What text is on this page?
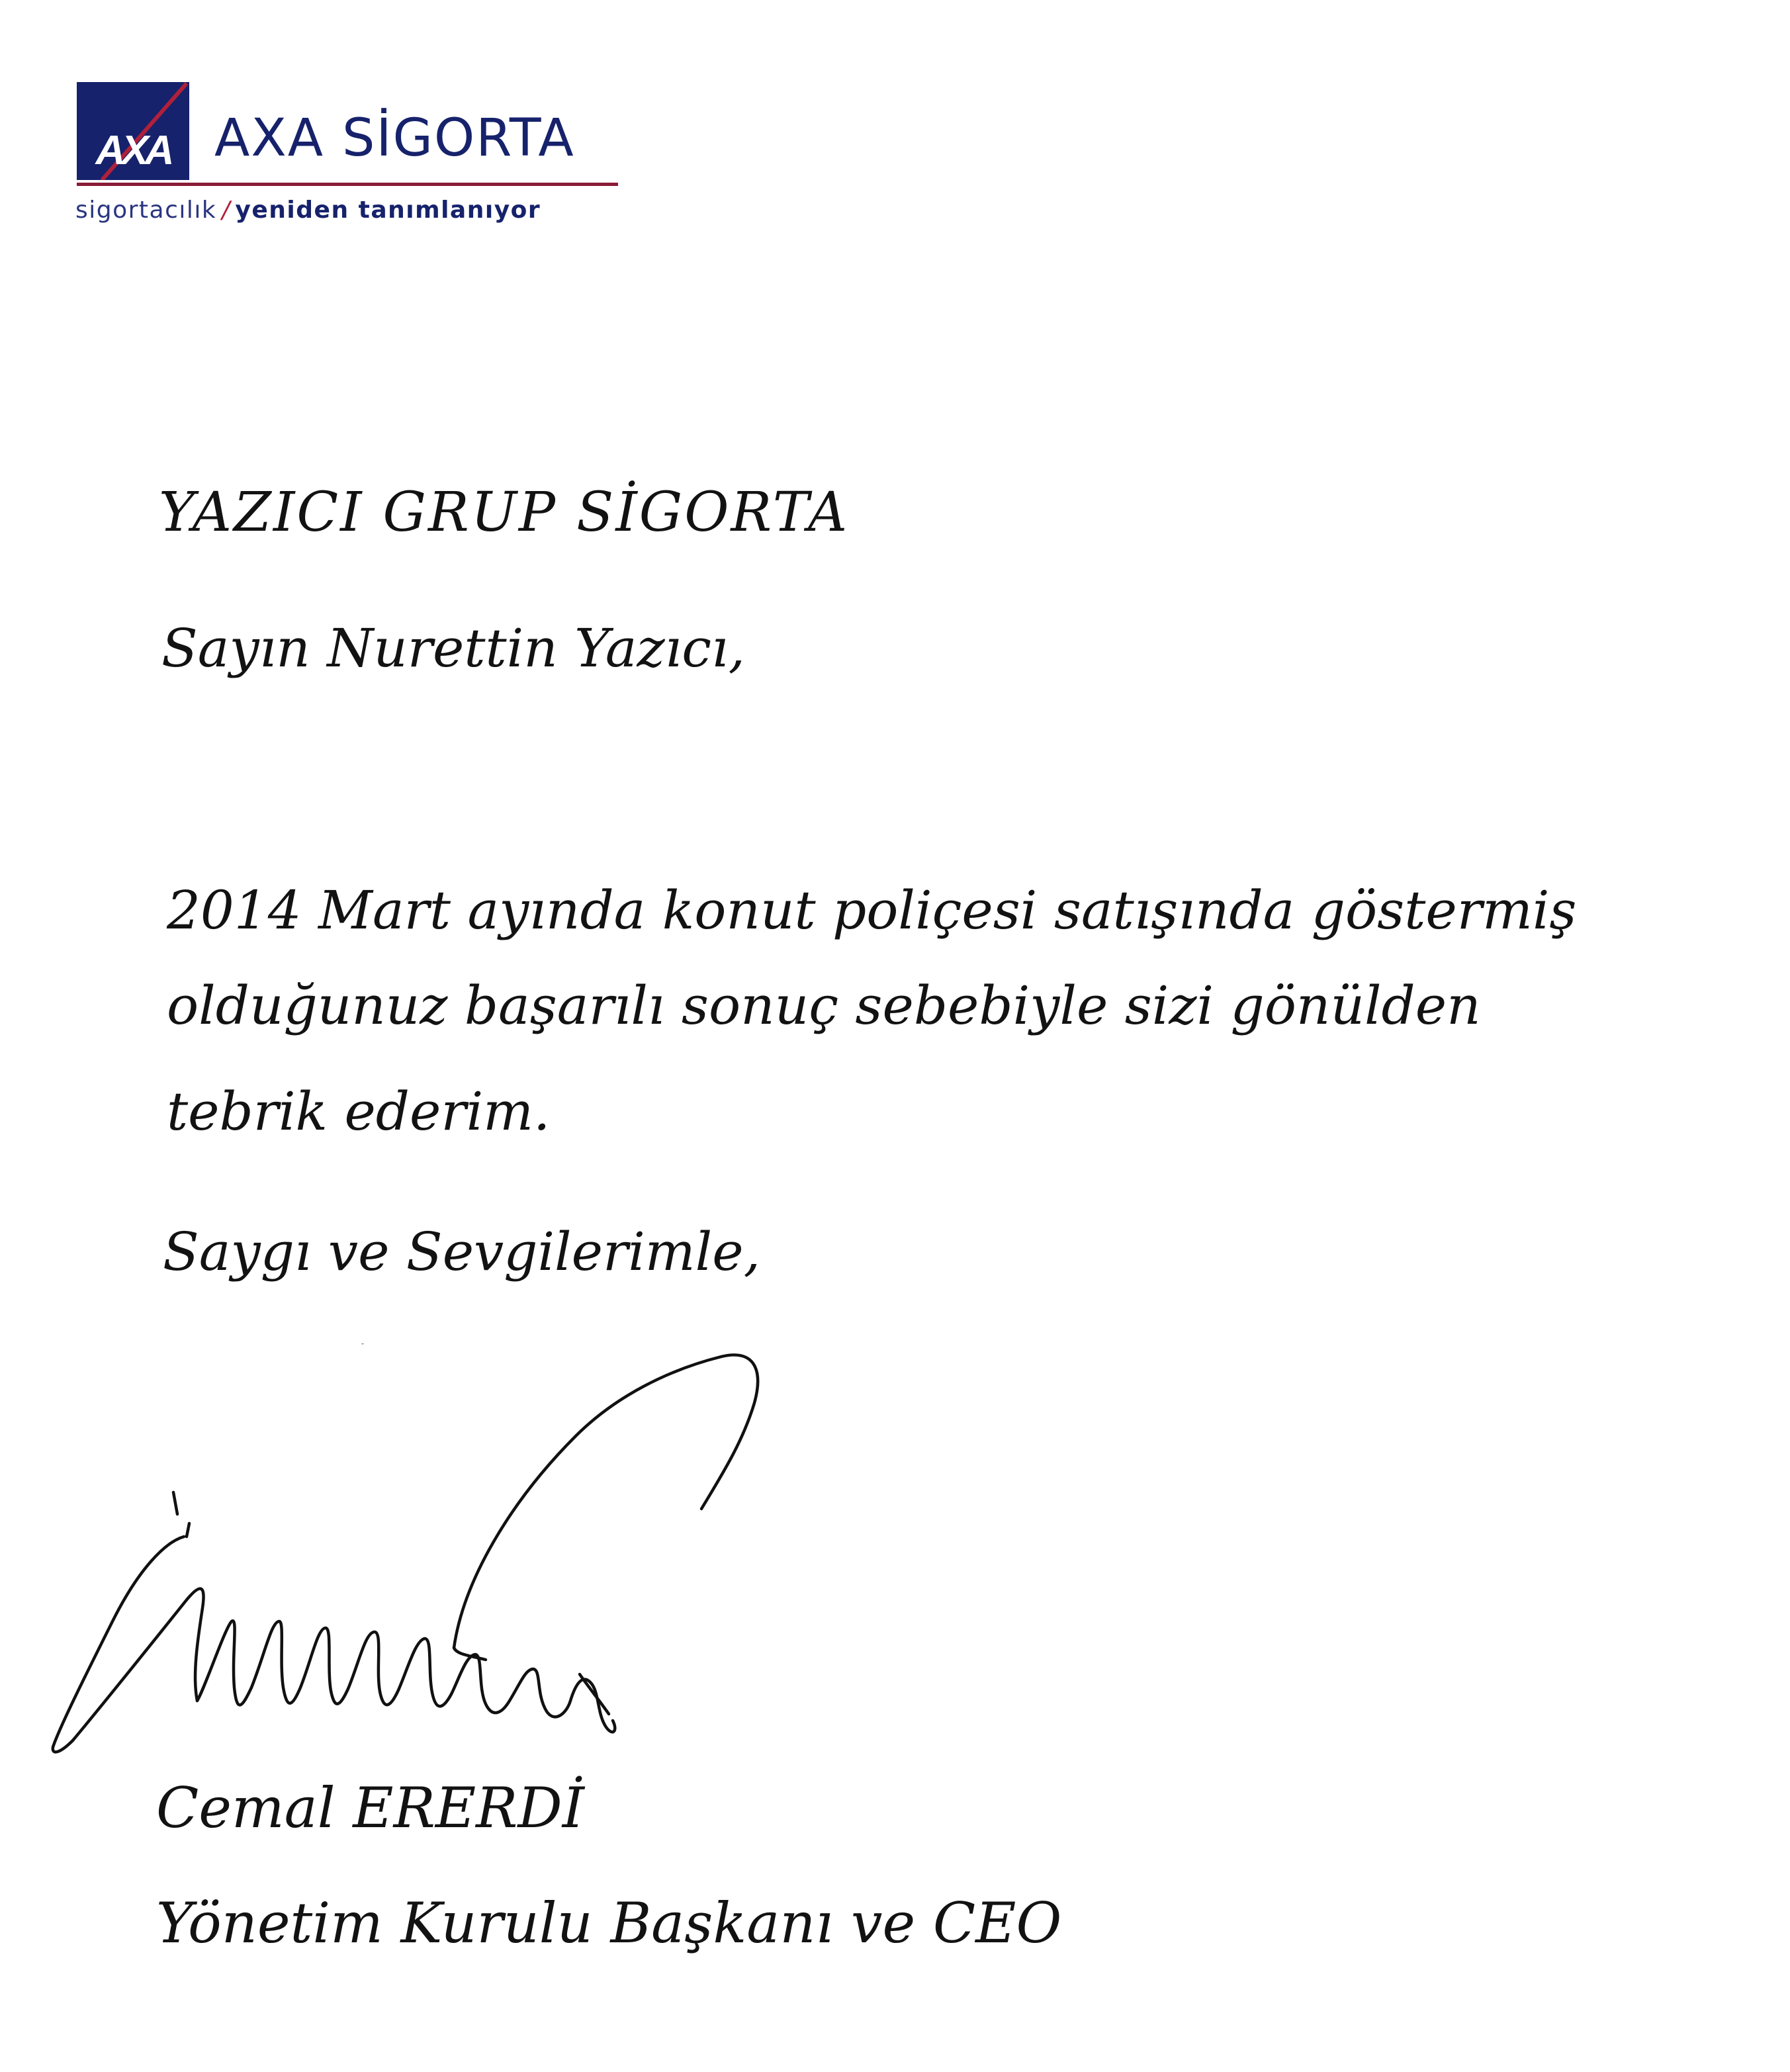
AXA AXA SİGORTA
sigortacılık / yeniden tanımlanıyor
YAZICI GRUP SİGORTA
Sayın Nurettin Yazıcı,
2014 Mart ayında konut poliçesi satışında göstermiş
olduğunuz başarılı sonuç sebebiyle sizi gönülden
tebrik ederim.
Saygı ve Sevgilerimle,
Cemal ERERDİ
Yönetim Kurulu Başkanı ve CEO
